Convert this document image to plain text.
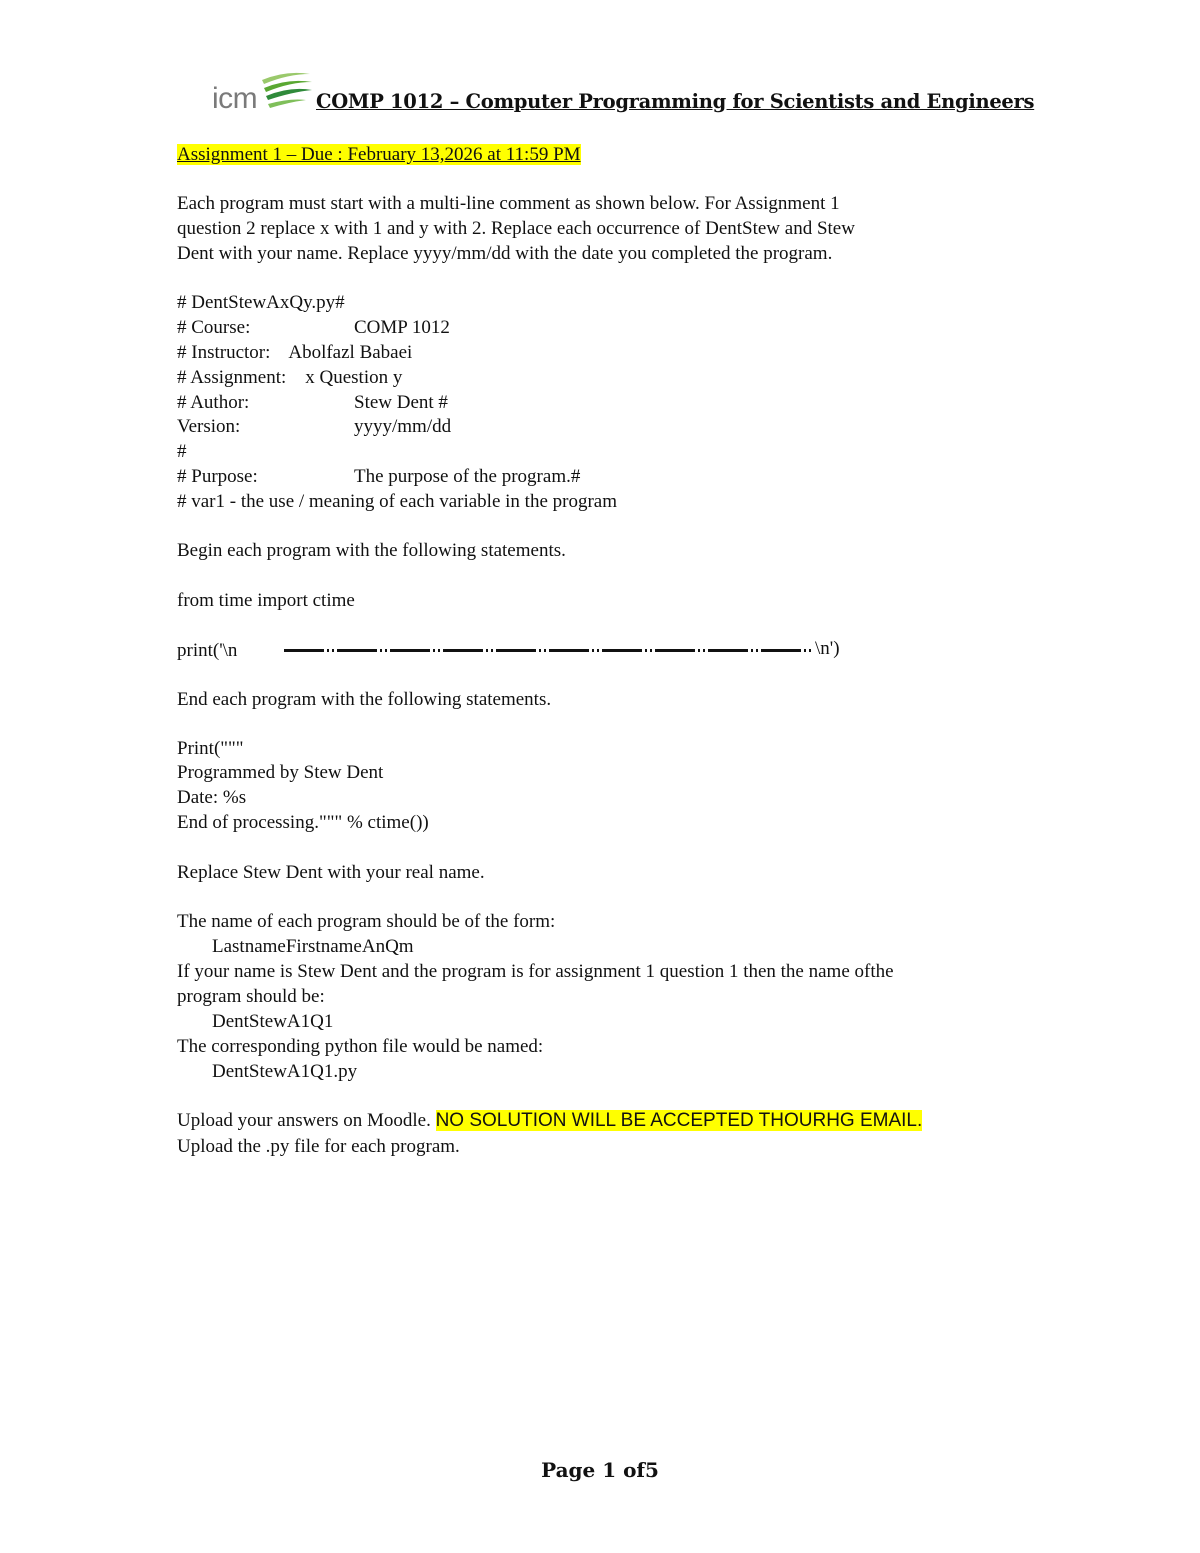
icm	COMP 1012 – Computer Programming for Scientists and Engineers
Assignment 1 – Due : February 13,2026 at 11:59 PM
Each program must start with a multi-line comment as shown below. For Assignment 1
question 2 replace x with 1 and y with 2. Replace each occurrence of DentStew and Stew
Dent with your name. Replace yyyy/mm/dd with the date you completed the program.
# DentStewAxQy.py#
# Course:	COMP 1012
# Instructor:    Abolfazl Babaei
# Assignment:    x Question y
# Author:	Stew Dent #
Version:	yyyy/mm/dd
#
# Purpose:	The purpose of the program.#
# var1 - the use / meaning of each variable in the program
Begin each program with the following statements.
from time import ctime
print('\n	\n')
End each program with the following statements.
Print("""
Programmed by Stew Dent
Date: %s
End of processing.""" % ctime())
Replace Stew Dent with your real name.
The name of each program should be of the form:
LastnameFirstnameAnQm
If your name is Stew Dent and the program is for assignment 1 question 1 then the name ofthe
program should be:
DentStewA1Q1
The corresponding python file would be named:
DentStewA1Q1.py
Upload your answers on Moodle. NO SOLUTION WILL BE ACCEPTED THOURHG EMAIL.
Upload the .py file for each program.
Page 1 of5
